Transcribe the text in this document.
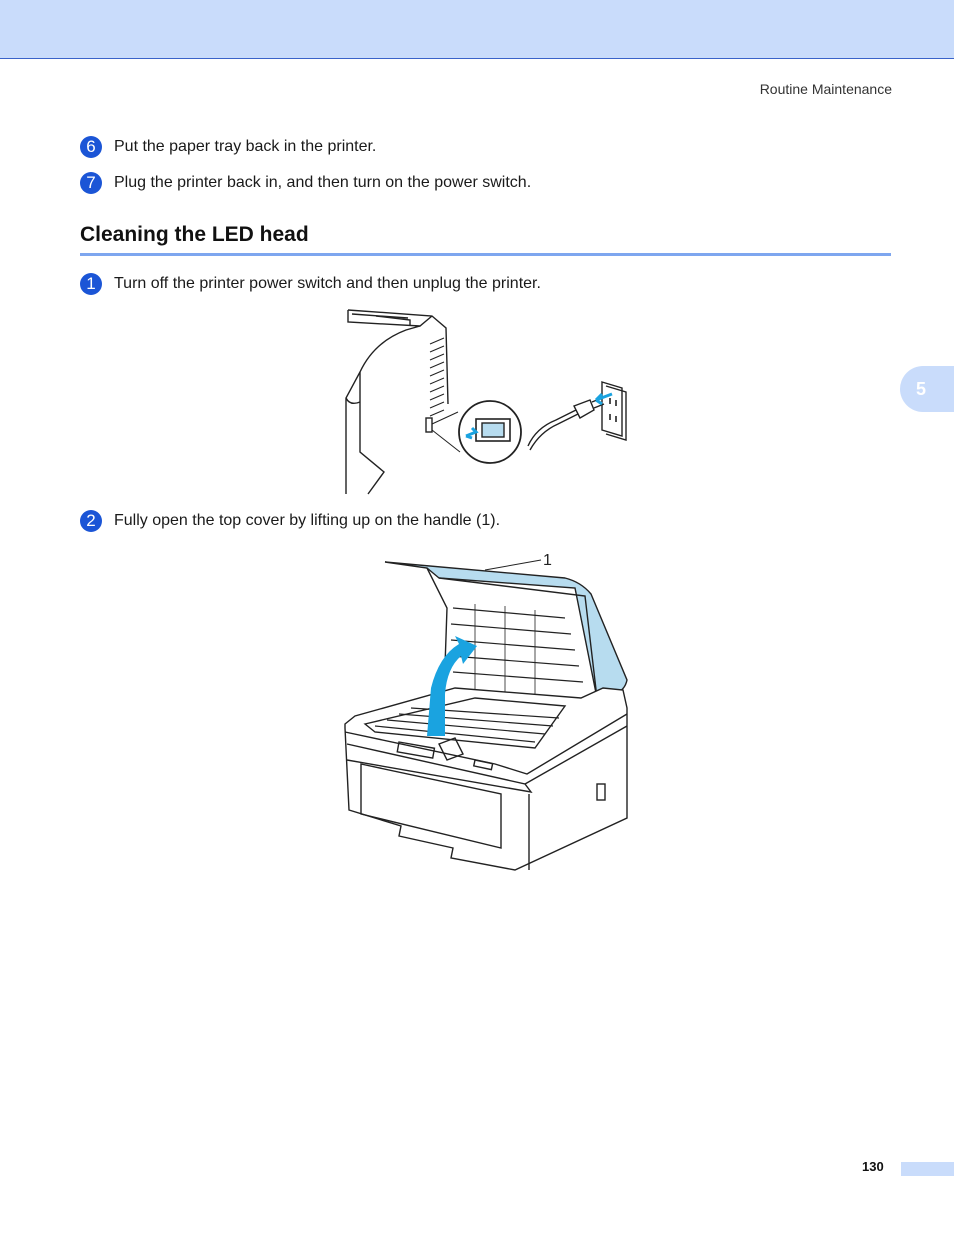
Routine Maintenance
6	Put the paper tray back in the printer.
7	Plug the printer back in, and then turn on the power switch.
Cleaning the LED head
5
1	Turn off the printer power switch and then unplug the printer.
2	Fully open the top cover by lifting up on the handle (1).
1
130
